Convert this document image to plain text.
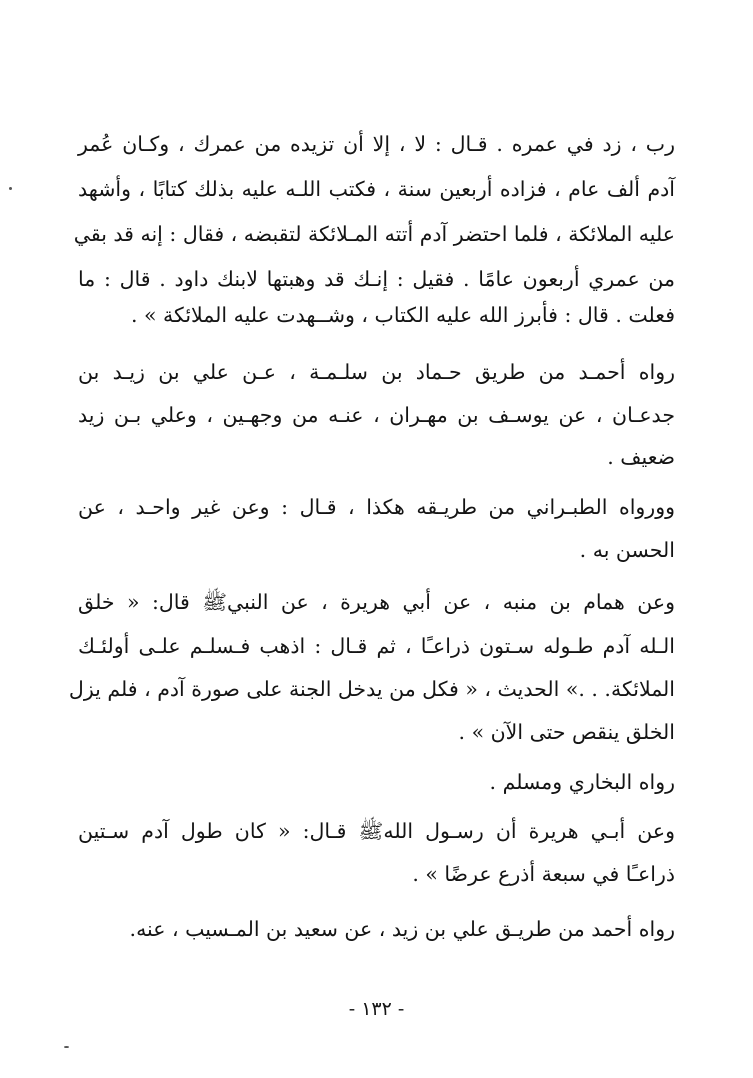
رب ، زد في عمره . قـال : لا ، إلا أن تزيده من عمرك ، وكـان عُمر
آدم ألف عام ، فزاده أربعين سنة ، فكتب اللـه عليه بذلك كتابًا ، وأشهد
عليه الملائكة ، فلما احتضر آدم أتته المـلائكة لتقبضه ، فقال : إنه قد بقي
من عمري أربعون عامًا . فقيل : إنـك قد وهبتها لابنك داود . قال : ما
فعلت . قال : فأبرز الله عليه الكتاب ، وشــهدت عليه الملائكة » .
رواه أحمـد من طريق حـماد بن سلـمـة ، عـن علي بن زيـد بن
جدعـان ، عن يوسـف بن مهـران ، عنـه من وجهـين ، وعلي بـن زيد
ضعيف .
وورواه الطبـراني من طريـقه هكذا ، قـال : وعن غير واحـد ، عن
الحسن به .
وعن همام بن منبه ، عن أبي هريرة ، عن النبيﷺ قال: « خلق
الـله آدم طـوله سـتون ذراعـًا ، ثم قـال : اذهب فـسلـم علـى أولئـك
الملائكة. . .» الحديث ، « فكل من يدخل الجنة على صورة آدم ، فلم يزل
الخلق ينقص حتى الآن » .
رواه البخاري ومسلم .
وعن أبـي هريرة أن رسـول اللهﷺ قـال: « كان طول آدم سـتين
ذراعـًا في سبعة أذرع عرضًا » .
رواه أحمد من طريـق علي بن زيد ، عن سعيد بن المـسيب ، عنه.
- ١٣٢ -
